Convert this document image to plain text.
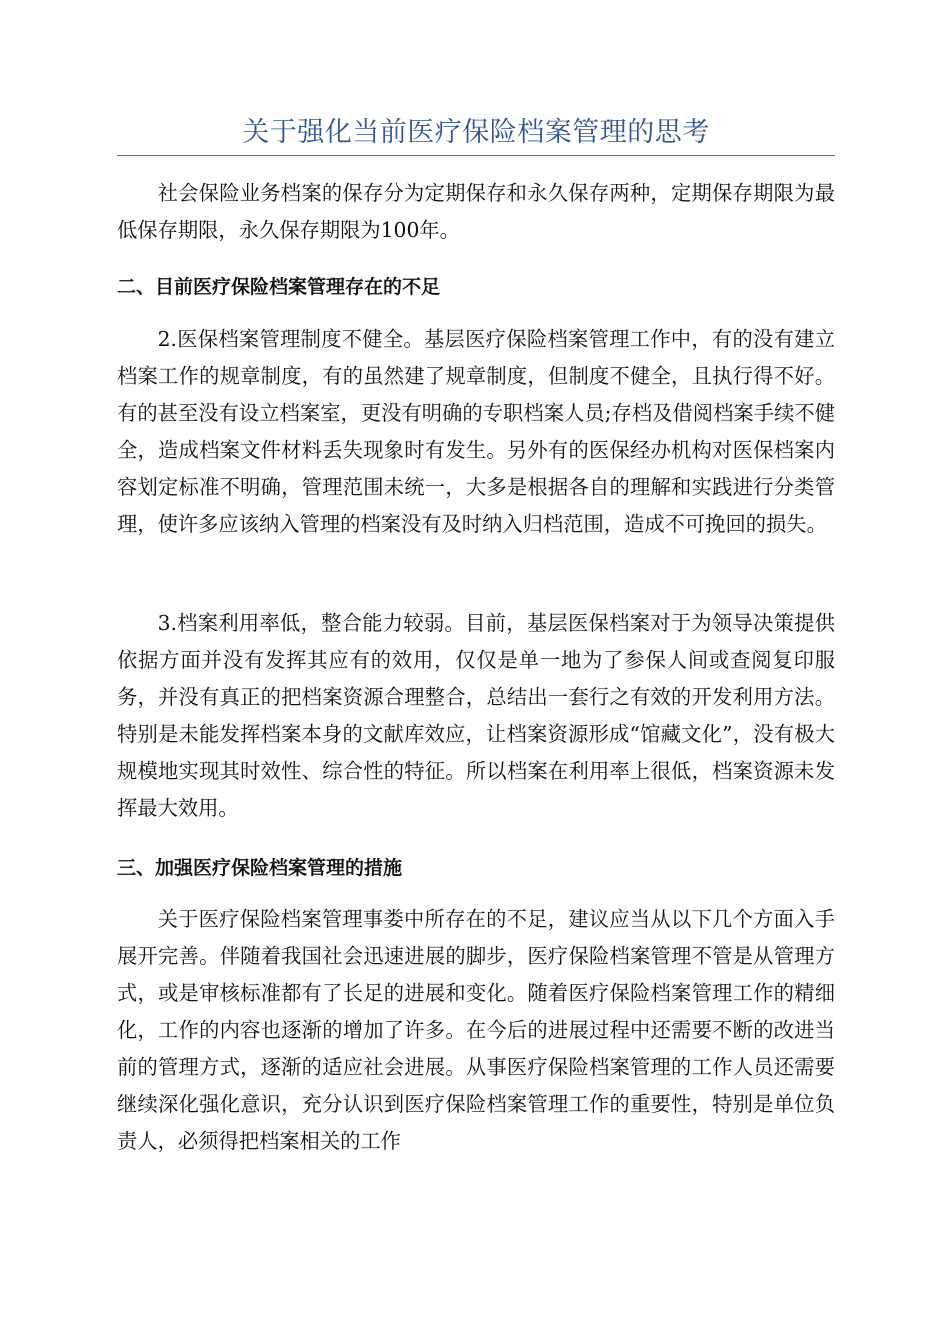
关于强化当前医疗保险档案管理的思考

社会保险业务档案的保存分为定期保存和永久保存两种，定期保存期限为最低保存期限，永久保存期限为100年。

二、目前医疗保险档案管理存在的不足

2.医保档案管理制度不健全。基层医疗保险档案管理工作中，有的没有建立档案工作的规章制度，有的虽然建了规章制度，但制度不健全，且执行得不好。有的甚至没有设立档案室，更没有明确的专职档案人员;存档及借阅档案手续不健全，造成档案文件材料丢失现象时有发生。另外有的医保经办机构对医保档案内容划定标准不明确，管理范围未统一，大多是根据各自的理解和实践进行分类管理，使许多应该纳入管理的档案没有及时纳入归档范围，造成不可挽回的损失。

3.档案利用率低，整合能力较弱。目前，基层医保档案对于为领导决策提供依据方面并没有发挥其应有的效用，仅仅是单一地为了参保人间或查阅复印服务，并没有真正的把档案资源合理整合，总结出一套行之有效的开发利用方法。特别是未能发挥档案本身的文献库效应，让档案资源形成“馆藏文化”，没有极大规模地实现其时效性、综合性的特征。所以档案在利用率上很低，档案资源未发挥最大效用。

三、加强医疗保险档案管理的措施

关于医疗保险档案管理事娄中所存在的不足，建议应当从以下几个方面入手展开完善。伴随着我国社会迅速进展的脚步，医疗保险档案管理不管是从管理方式，或是审核标准都有了长足的进展和变化。随着医疗保险档案管理工作的精细化，工作的内容也逐渐的增加了许多。在今后的进展过程中还需要不断的改进当前的管理方式，逐渐的适应社会进展。从事医疗保险档案管理的工作人员还需要继续深化强化意识，充分认识到医疗保险档案管理工作的重要性，特别是单位负责人，必须得把档案相关的工作
